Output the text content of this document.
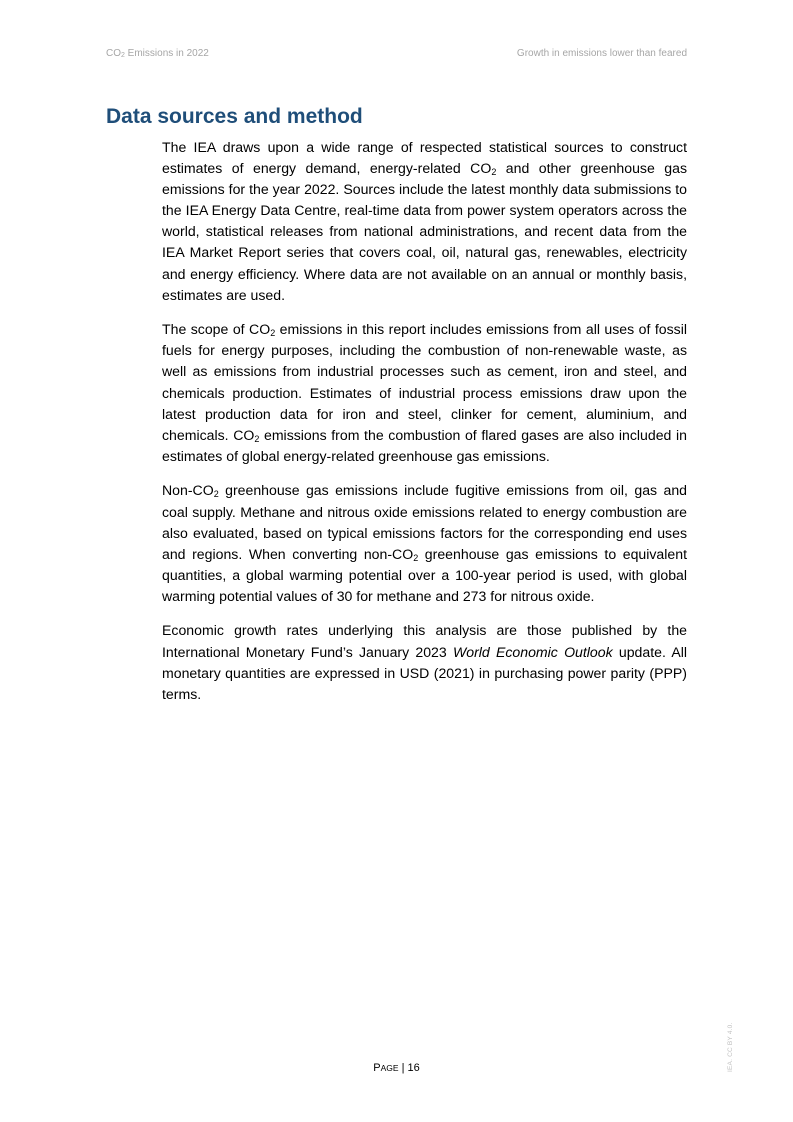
$CO_2$ Emissions in 2022	Growth in emissions lower than feared
Data sources and method

The IEA draws upon a wide range of respected statistical sources to construct estimates of energy demand, energy-related $CO_2$ and other greenhouse gas emissions for the year 2022. Sources include the latest monthly data submissions to the IEA Energy Data Centre, real-time data from power system operators across the world, statistical releases from national administrations, and recent data from the IEA Market Report series that covers coal, oil, natural gas, renewables, electricity and energy efficiency. Where data are not available on an annual or monthly basis, estimates are used.

The scope of $CO_2$ emissions in this report includes emissions from all uses of fossil fuels for energy purposes, including the combustion of non-renewable waste, as well as emissions from industrial processes such as cement, iron and steel, and chemicals production. Estimates of industrial process emissions draw upon the latest production data for iron and steel, clinker for cement, aluminium, and chemicals. $CO_2$ emissions from the combustion of flared gases are also included in estimates of global energy-related greenhouse gas emissions.

Non-$CO_2$ greenhouse gas emissions include fugitive emissions from oil, gas and coal supply. Methane and nitrous oxide emissions related to energy combustion are also evaluated, based on typical emissions factors for the corresponding end uses and regions. When converting non-$CO_2$ greenhouse gas emissions to equivalent quantities, a global warming potential over a 100-year period is used, with global warming potential values of 30 for methane and 273 for nitrous oxide.

Economic growth rates underlying this analysis are those published by the International Monetary Fund’s January 2023 World Economic Outlook update. All monetary quantities are expressed in USD (2021) in purchasing power parity (PPP) terms.

PAGE | 16	IEA. CC BY 4.0.
